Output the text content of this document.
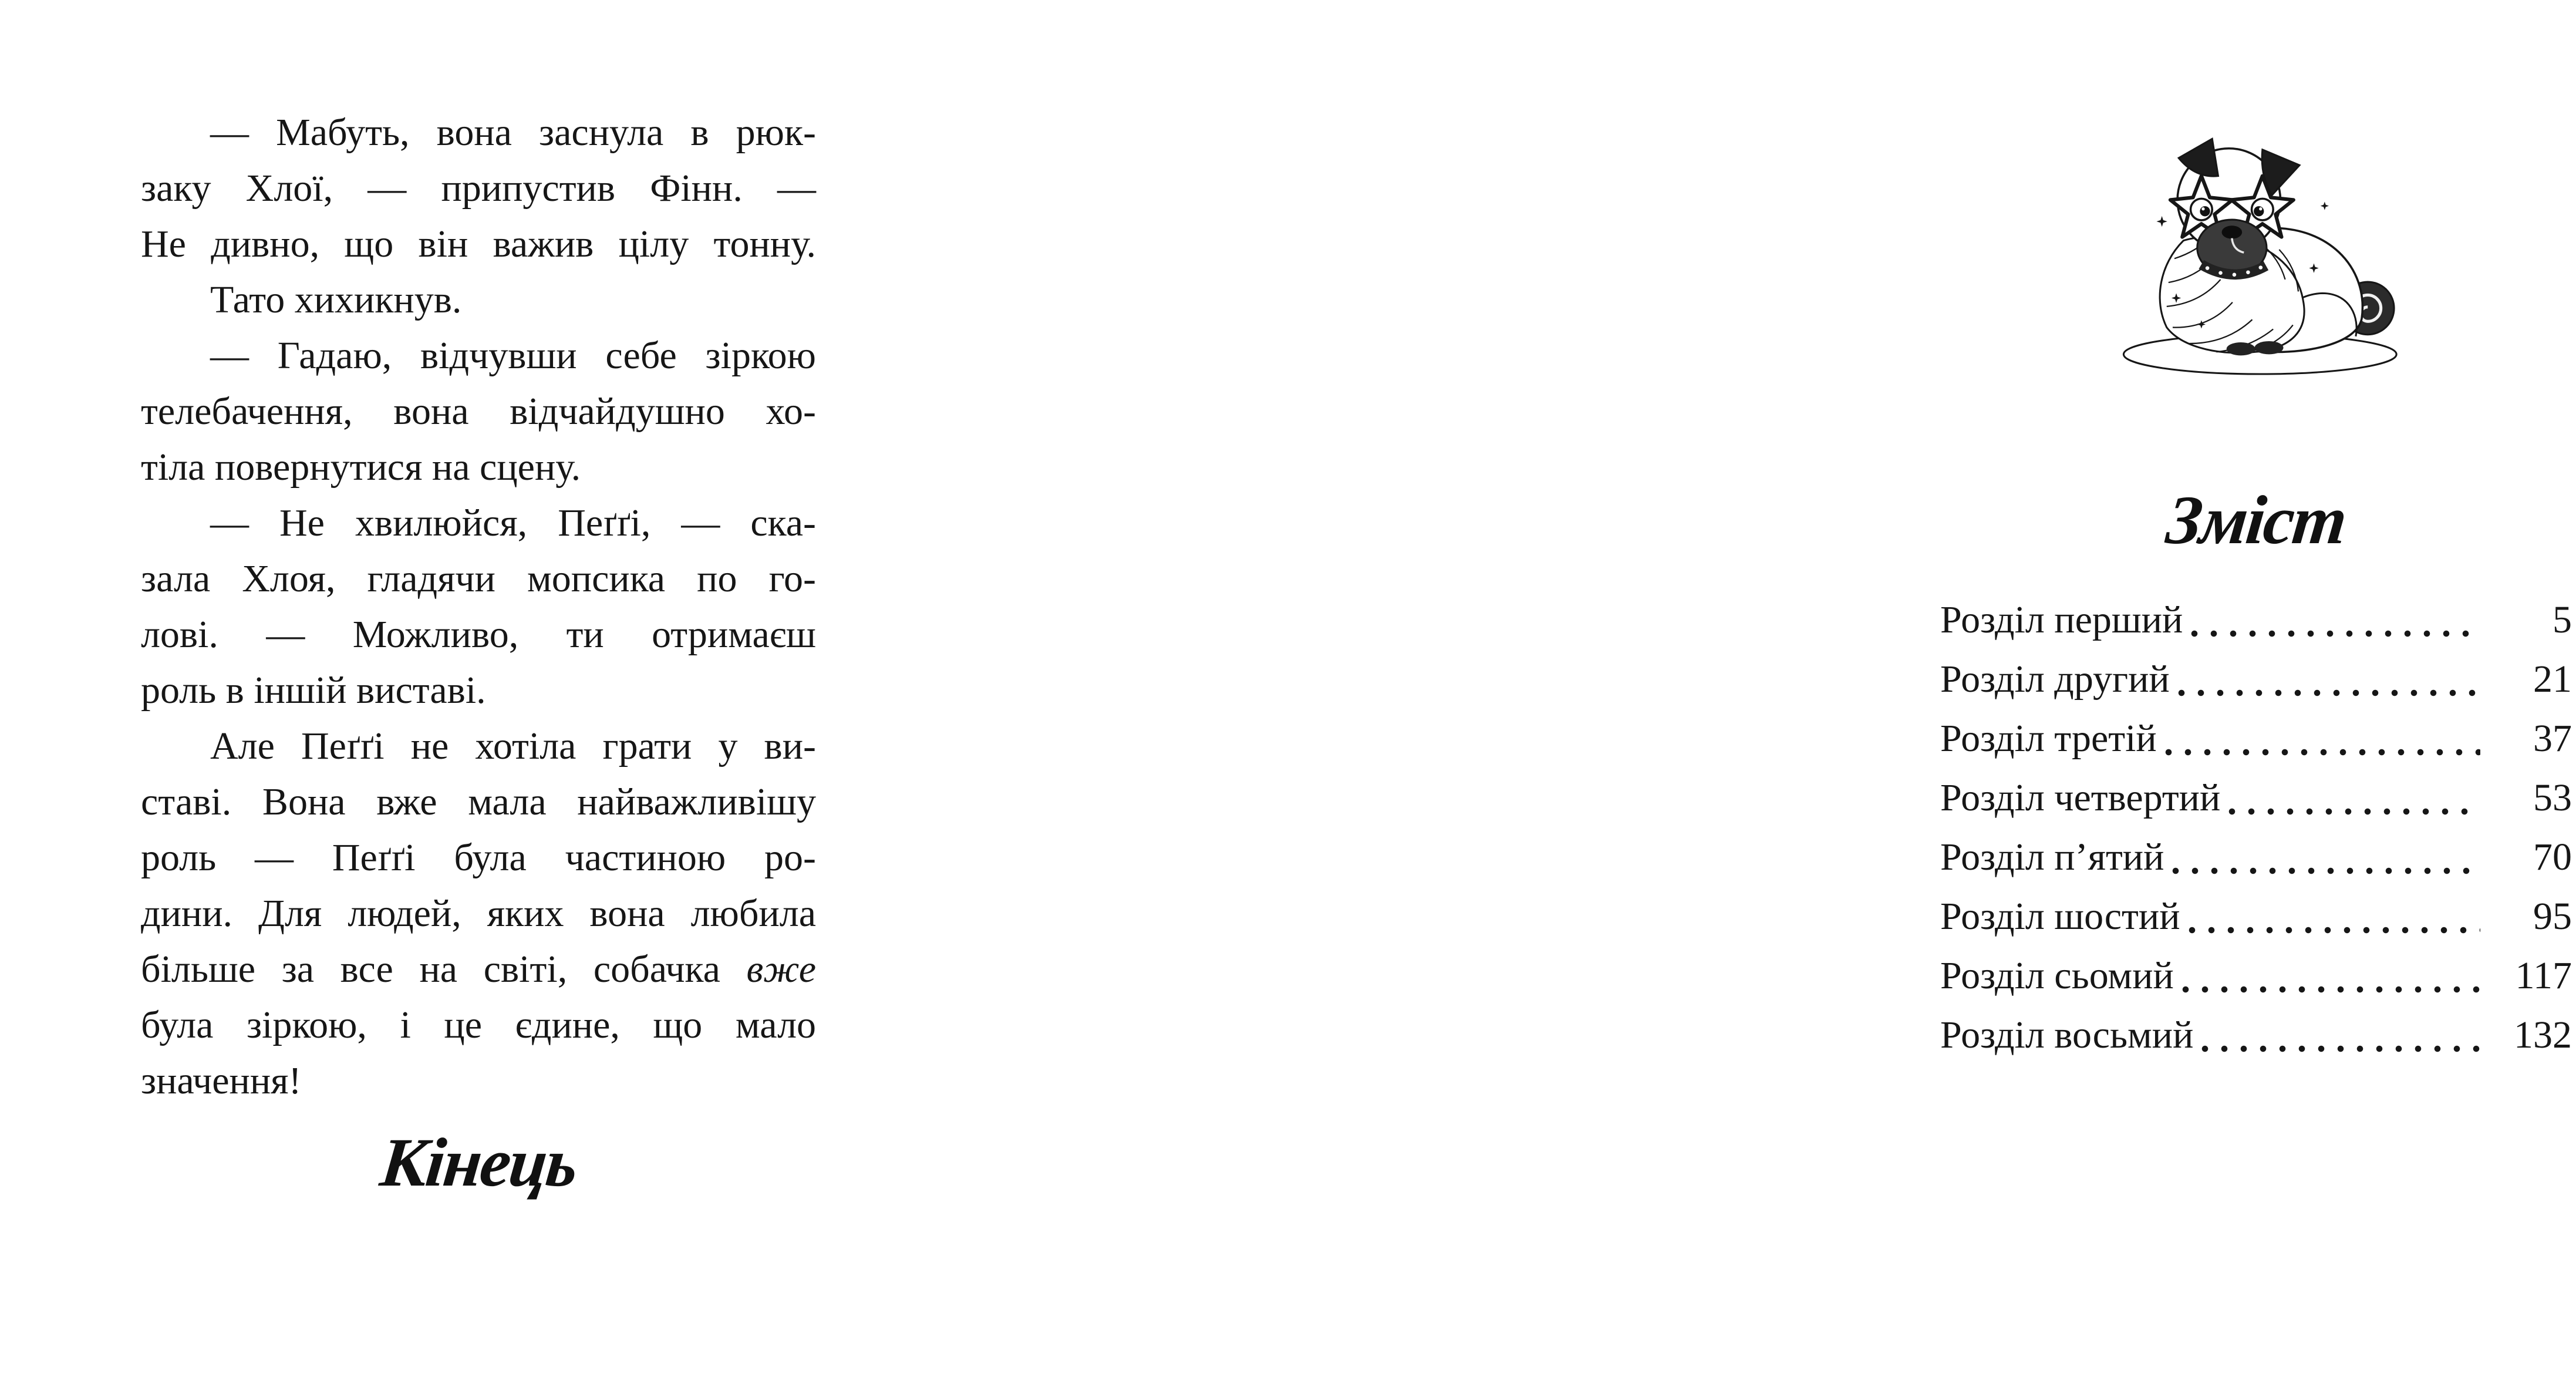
— Мабуть, вона заснула в рюк-
заку Хлої, — припустив Фінн. —
Не дивно, що він важив цілу тонну.
Тато хихикнув.
— Гадаю, відчувши себе зіркою
телебачення, вона відчайдушно хо-
тіла повернутися на сцену.
— Не хвилюйся, Пеґґі, — ска-
зала Хлоя, гладячи мопсика по го-
лові. — Можливо, ти отримаєш
роль в іншій виставі.
Але Пеґґі не хотіла грати у ви-
ставі. Вона вже мала найважливішу
роль — Пеґґі була частиною ро-
дини. Для людей, яких вона любила
більше за все на світі, собачка вже
була зіркою, і це єдине, що мало
значення!
Кінець
Зміст
Розділ перший	5
Розділ другий	21
Розділ третій	37
Розділ четвертий	53
Розділ п’ятий	70
Розділ шостий	95
Розділ сьомий	117
Розділ восьмий	132
